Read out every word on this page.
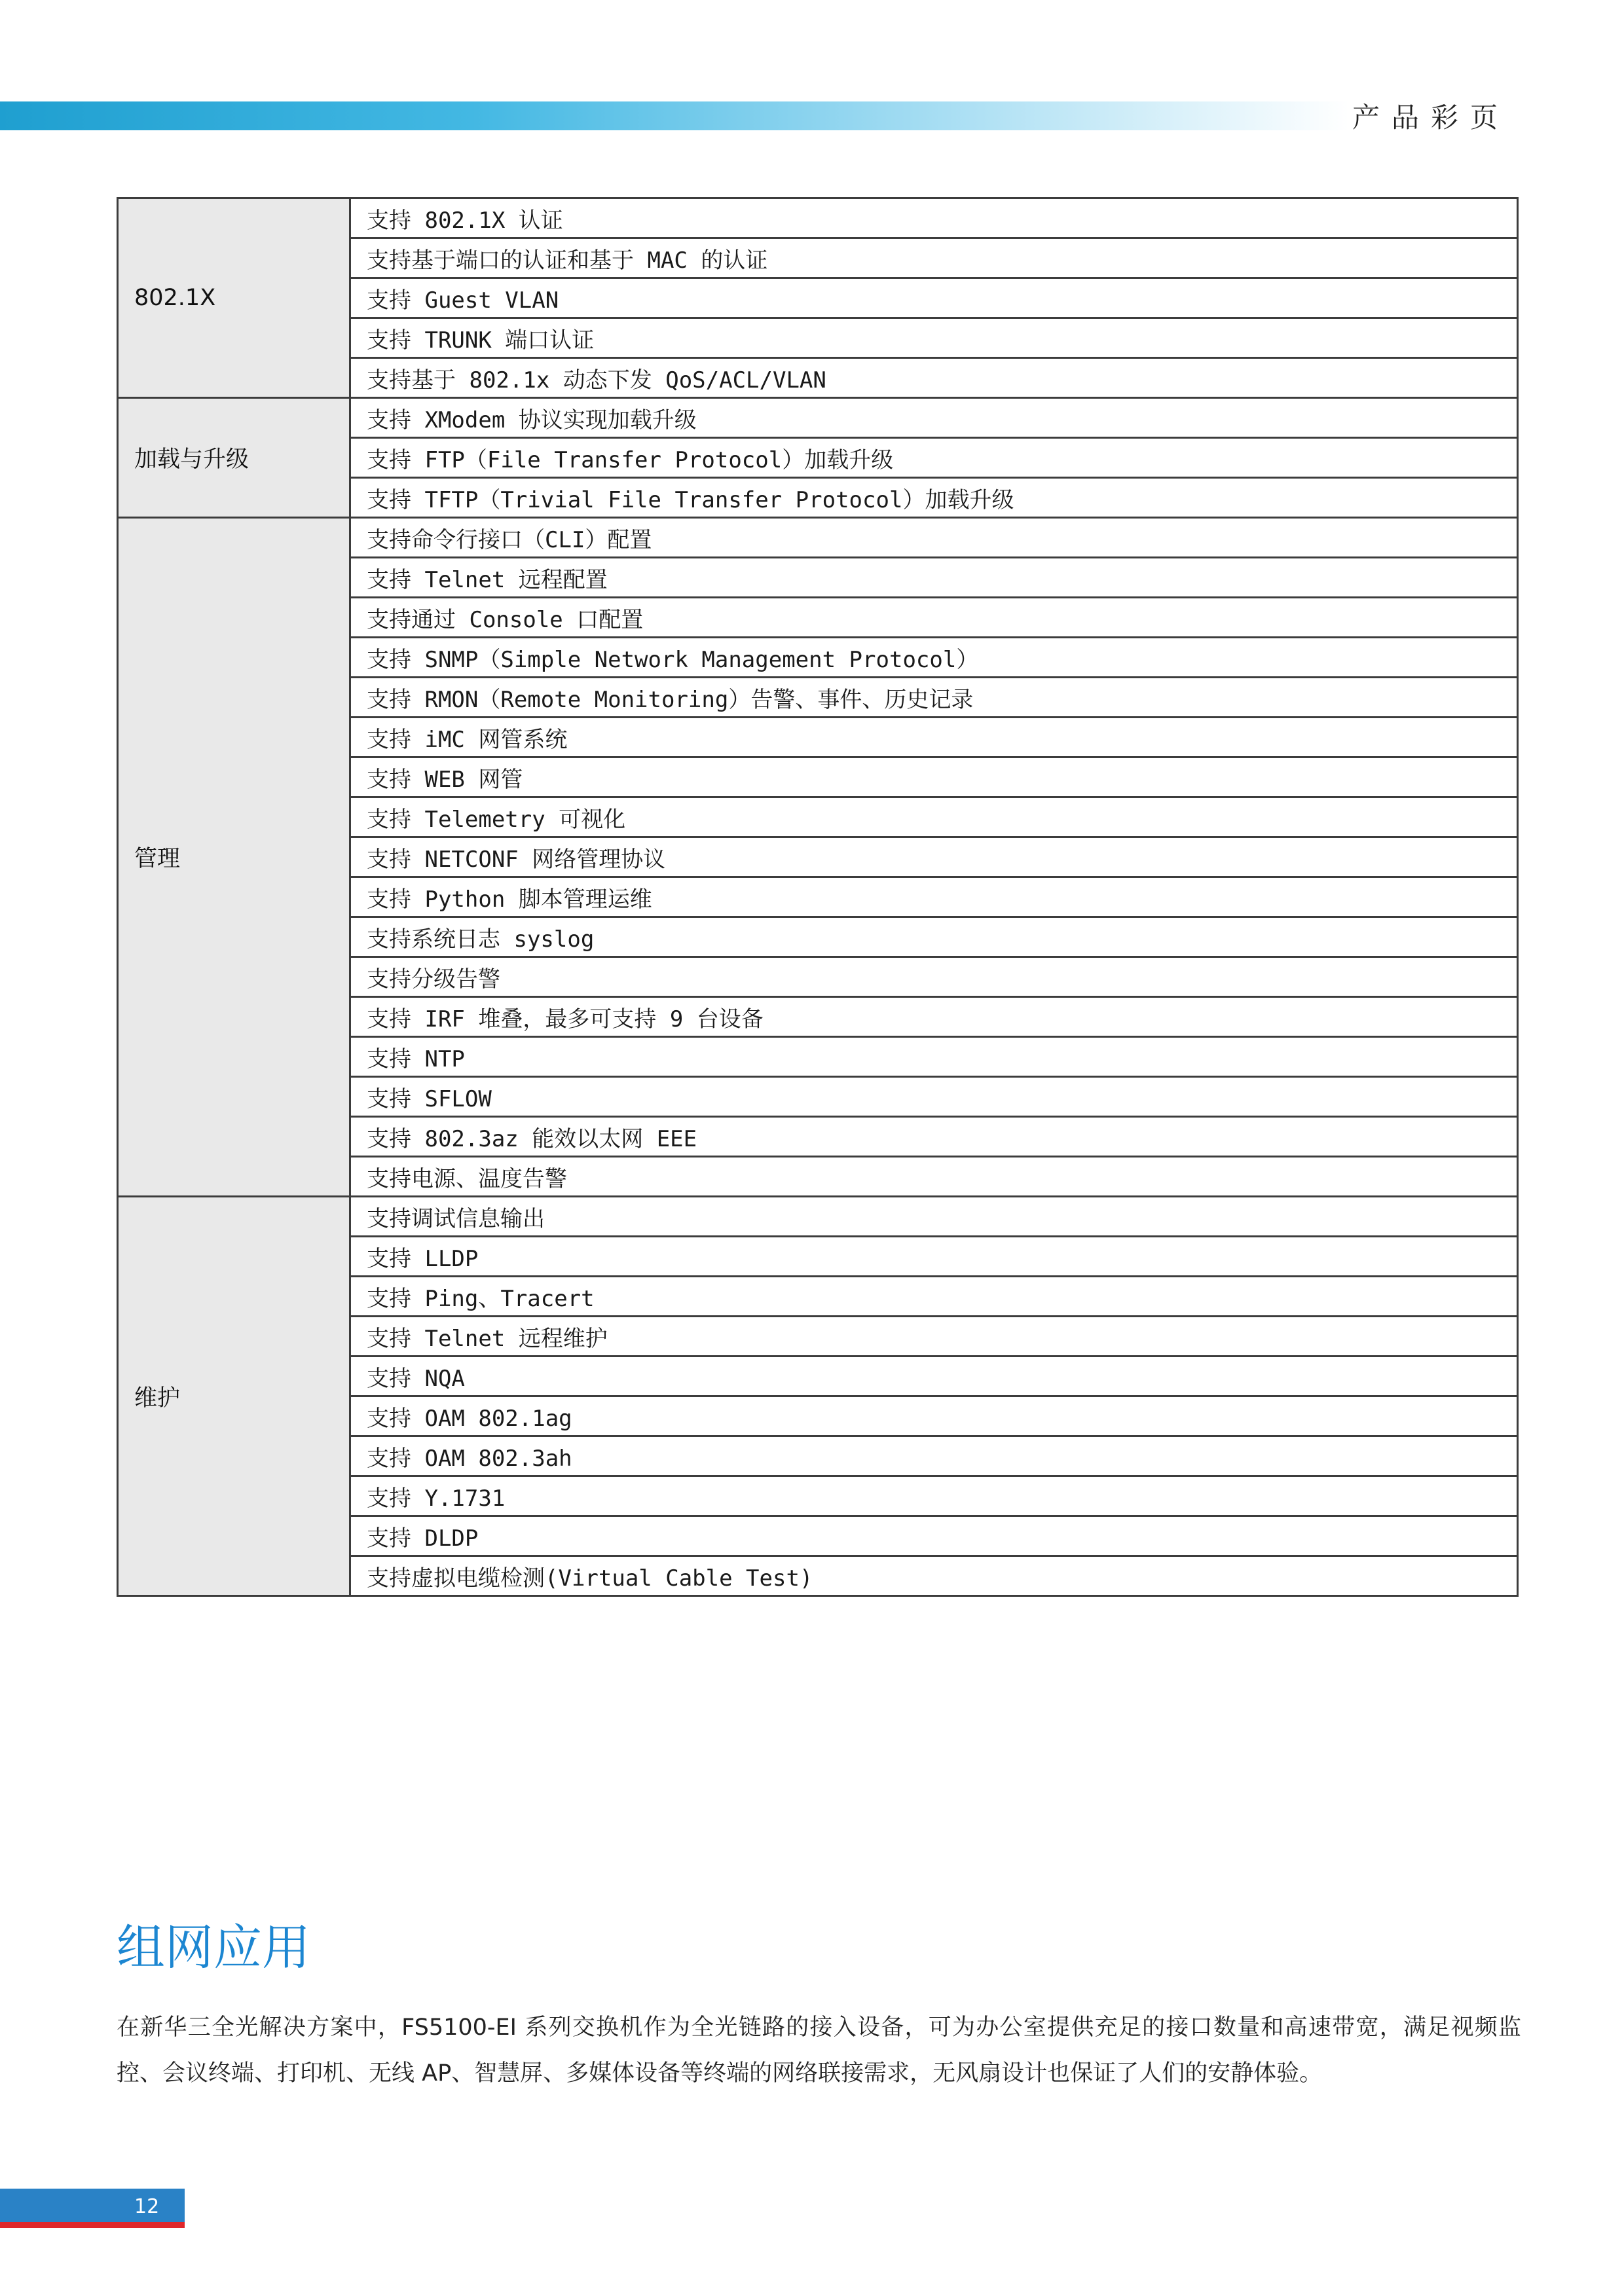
产品彩页
802.1X	支持 802.1X 认证
	支持基于端口的认证和基于 MAC 的认证
	支持 Guest VLAN
	支持 TRUNK 端口认证
	支持基于 802.1x 动态下发 QoS/ACL/VLAN
加载与升级	支持 XModem 协议实现加载升级
	支持 FTP（File Transfer Protocol）加载升级
	支持 TFTP（Trivial File Transfer Protocol）加载升级
管理	支持命令行接口（CLI）配置
	支持 Telnet 远程配置
	支持通过 Console 口配置
	支持 SNMP（Simple Network Management Protocol）
	支持 RMON（Remote Monitoring）告警、事件、历史记录
	支持 iMC 网管系统
	支持 WEB 网管
	支持 Telemetry 可视化
	支持 NETCONF 网络管理协议
	支持 Python 脚本管理运维
	支持系统日志 syslog
	支持分级告警
	支持 IRF 堆叠，最多可支持 9 台设备
	支持 NTP
	支持 SFLOW
	支持 802.3az 能效以太网 EEE
	支持电源、温度告警
维护	支持调试信息输出
	支持 LLDP
	支持 Ping、Tracert
	支持 Telnet 远程维护
	支持 NQA
	支持 OAM 802.1ag
	支持 OAM 802.3ah
	支持 Y.1731
	支持 DLDP
	支持虚拟电缆检测(Virtual Cable Test)
组网应用
在新华三全光解决方案中，FS5100-EI 系列交换机作为全光链路的接入设备，可为办公室提供充足的接口数量和高速带宽，满足视频监控、会议终端、打印机、无线 AP、智慧屏、多媒体设备等终端的网络联接需求，无风扇设计也保证了人们的安静体验。
12
